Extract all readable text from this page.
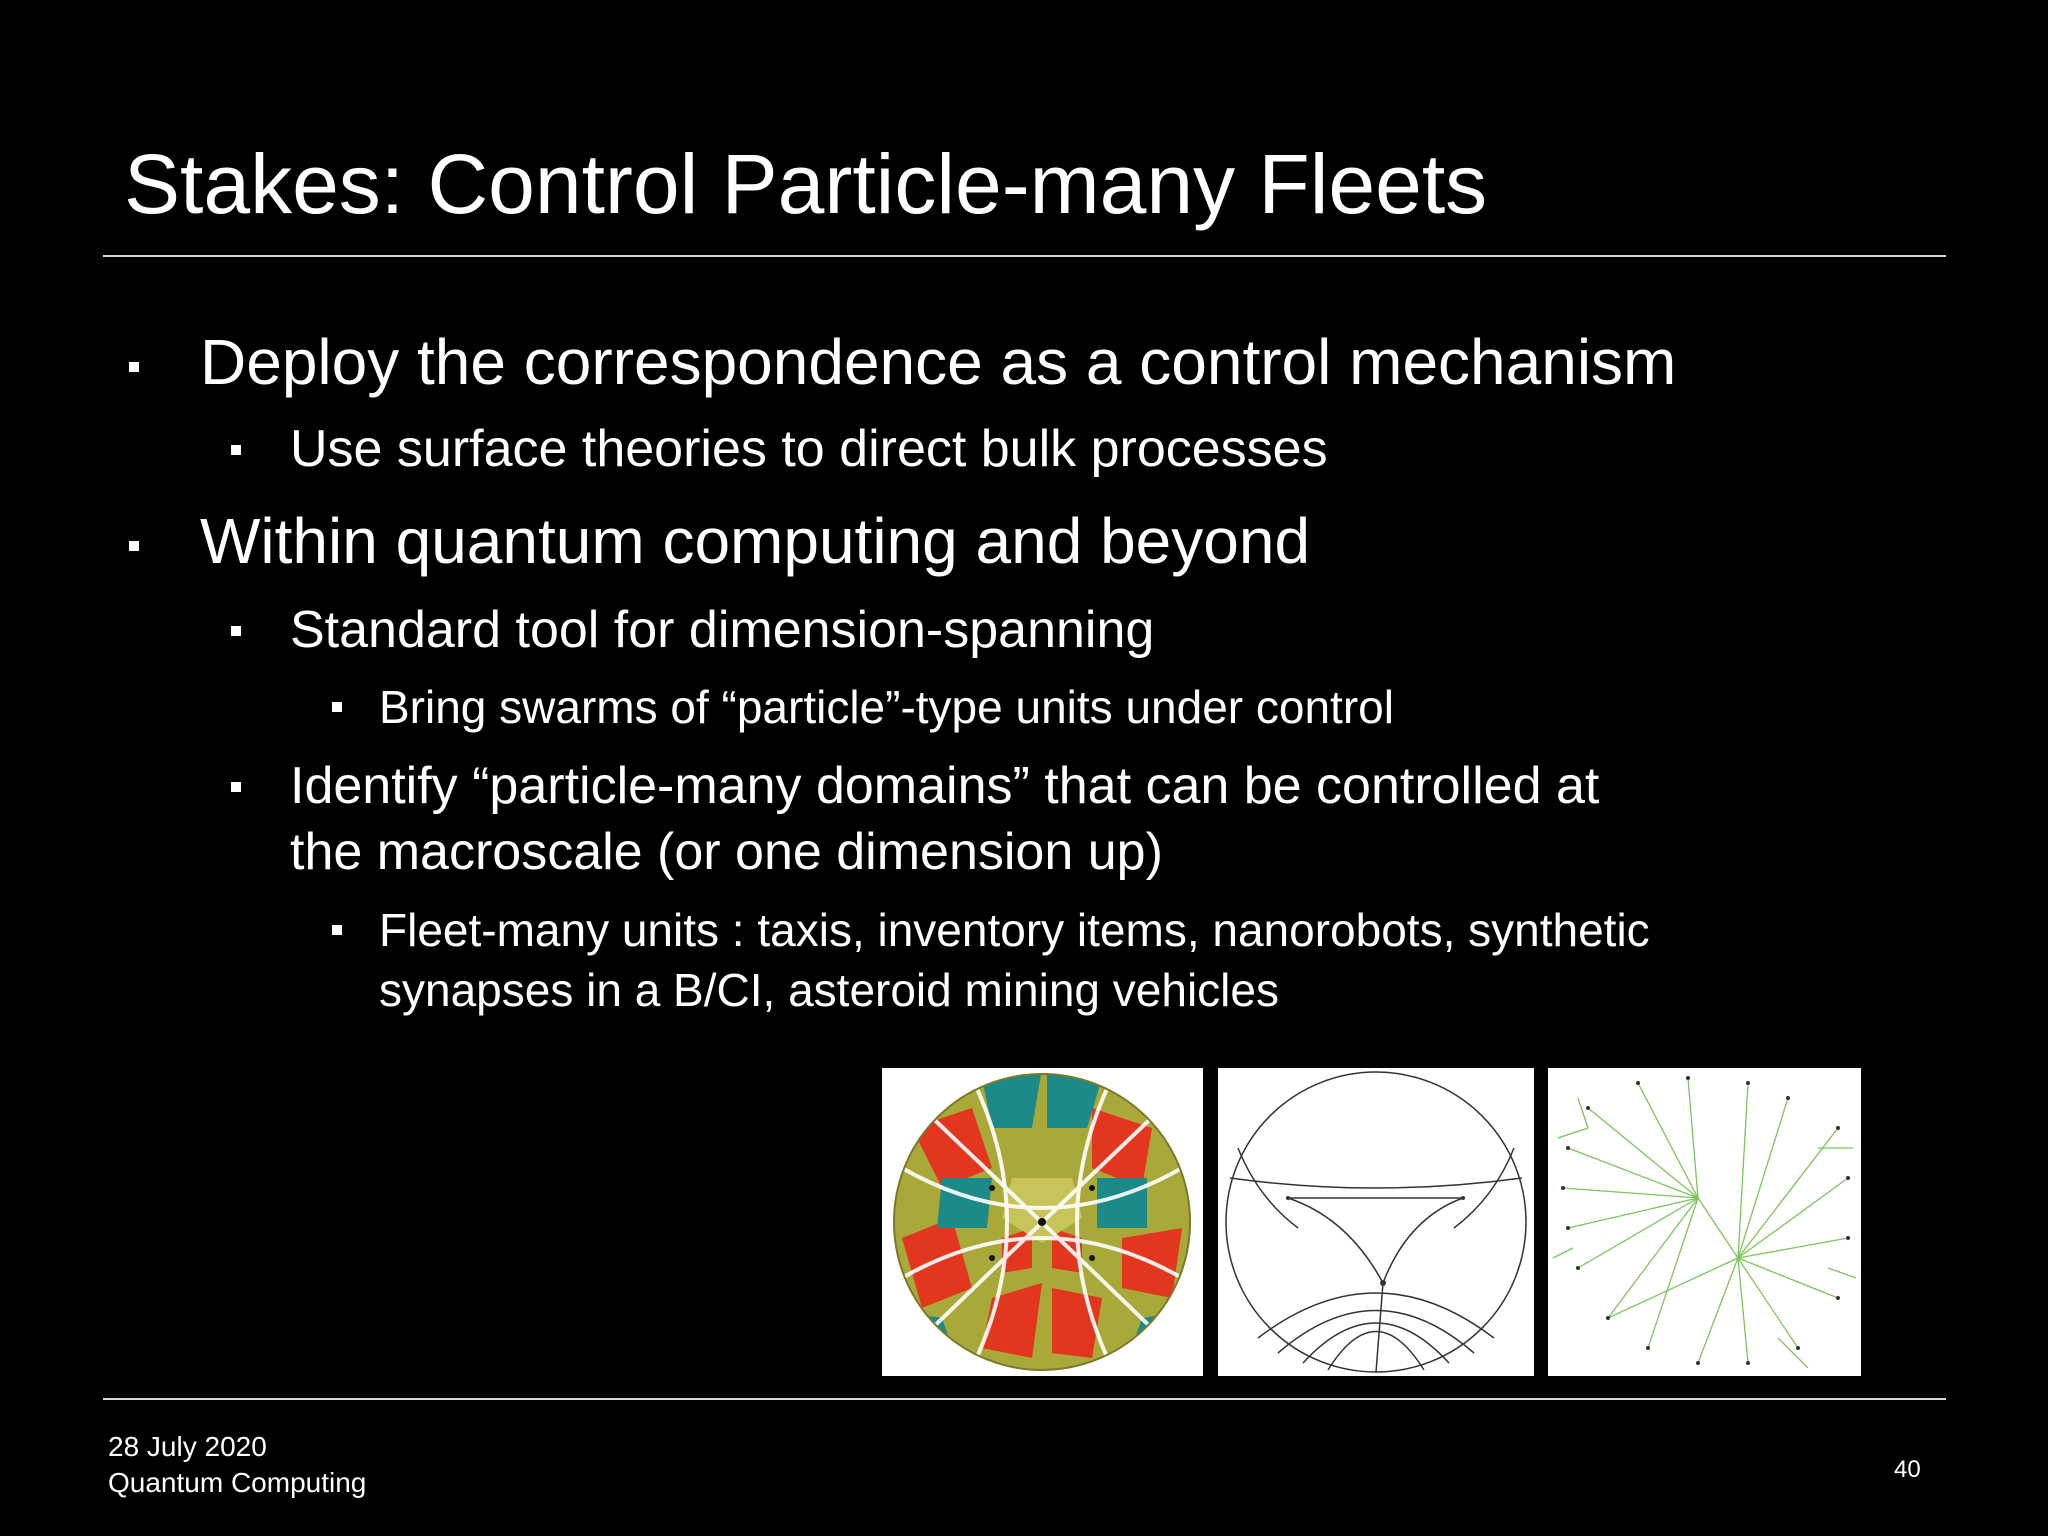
Stakes: Control Particle-many Fleets
Deploy the correspondence as a control mechanism
Use surface theories to direct bulk processes
Within quantum computing and beyond
Standard tool for dimension-spanning
Bring swarms of “particle”-type units under control
Identify “particle-many domains” that can be controlled at
the macroscale (or one dimension up)
Fleet-many units : taxis, inventory items, nanorobots, synthetic
synapses in a B/CI, asteroid mining vehicles
28 July 2020
Quantum Computing	40
